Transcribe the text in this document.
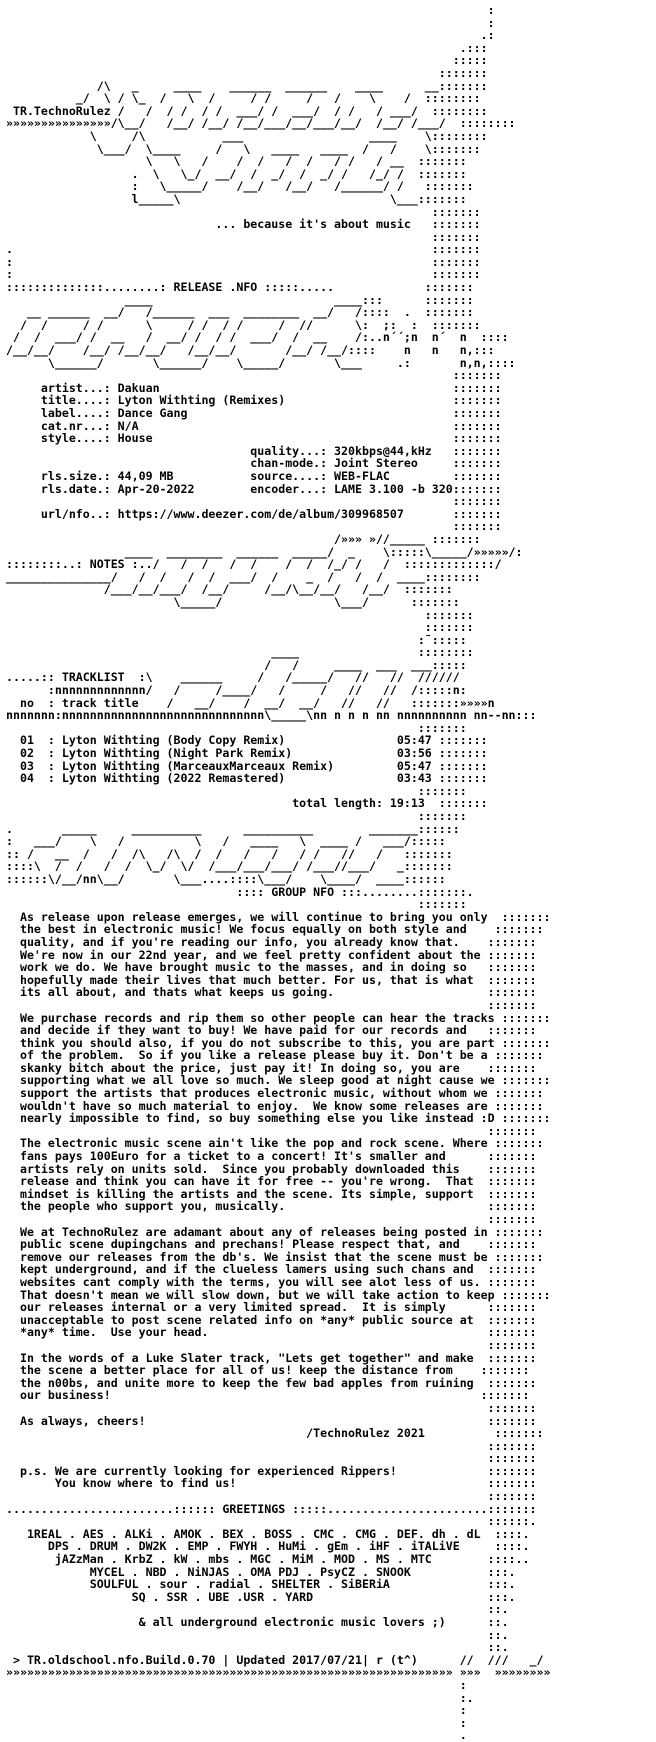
:
:
.:
.:::
:::::
:::::::
/\   _     ____    ______  ______    ____      __:::::::
_/  \ / \_  /   \  /     / /     /   /    \    /  ::::::::
TR.TechnoRulez /   /  / /  / /  ___/ /  ___/  / /   / ___/  ::::::::
»»»»»»»»»»»»»»»/\__/   /__/ /__/ /__/___/__/___/__/  /__/ /___/  ::::::::
\     /\           ___                  ____    \::::::::
\___/  \____     /   \   ____   ____  /   /    \:::::::
\   \   /    /  /   /  /   / /   / __  :::::::
.  \   \_/  __/  /  _/  /  _/ /   /_/ /  :::::::
:   \_____/    /__/   /__/   /______/ /   :::::::
l_____\                              \___:::::::
:::::::
... because it's about music   :::::::
:::::::
.                                                            :::::::
:                                                            :::::::
:                                                            :::::::
::::::::::::::........: RELEASE .NFO :::::.....             :::::::
____                          ____:::      :::::::
__ ______  __/   /______  ___  ________  __/   /::::  .  :::::::
/  /     / /      \     / /  / /     /  //      \:  ;:  :  :::::::
/  /  ___/ /  __   /  __/ /  / /  ___/  /  __    /:..n´´;n  n´  n  ::::
/__/__/    /__/ /__/__/   /__/__/       /__/ /__/::::    n   n   n,:::
\______/       \______/    \_____/       \___     .:       n,n,::::
:::::::
artist...: Dakuan                                          :::::::
title....: Lyton Withting (Remixes)                        :::::::
label....: Dance Gang                                      :::::::
cat.nr...: N/A                                             :::::::
style....: House                                           :::::::
quality...: 320kbps@44,kHz   :::::::
chan-mode.: Joint Stereo     :::::::
rls.size.: 44,09 MB           source....: WEB-FLAC         :::::::
rls.date.: Apr-20-2022        encoder...: LAME 3.100 -b 320:::::::
:::::::
url/nfo..: https://www.deezer.com/de/album/309968507       :::::::
:::::::
/»»» »//_____ :::::::
____  ________  ______  _____/  _    \:::::\_____/»»»»»/:
::::::::..: NOTES :../   /  /   /  /    /  /  /_/ /   /  :::::::::::::/
_______________/   /  /   /  /  ___/  /    _  /   /  /  ____::::::::
/___/__/___/  /__/     /__/\__/__/   /__/  :::::::
\_____/                \___/      :::::::
:::::::
:::::::
:¯:::::
____                 ::::::::
/   /     ____  ___  ___:::::
.....:: TRACKLIST  :\    ______     /   /_____/   //   //  //////
:nnnnnnnnnnnnn/   /     /____/   /     /   //   //  /:::::n:
no  : track title    /   __/    /  __/  __/   //   //   :::::::»»»»n
nnnnnnn:nnnnnnnnnnnnnnnnnnnnnnnnnnnnn\_____\nn n n n nn nnnnnnnnnn nn--nn:::
:::::::
01  : Lyton Withting (Body Copy Remix)                05:47 :::::::
02  : Lyton Withting (Night Park Remix)               03:56 :::::::
03  : Lyton Withting (MarceauxMarceaux Remix)         05:47 :::::::
04  : Lyton Withting (2022 Remastered)                03:43 :::::::
:::::::
total length: 19:13  :::::::
:::::::
.       _____     __________      __________        _______::::::
:   ___/    \   /          \   /   ____   \  ____ /   ___/:::::
:: /   __  /   /  /\   /\  /  /   /   /   / /   //   /   :::::::
::::\  /  /   /  /  \_/  \/  /___/___/___/ /___//___/   _:::::::
::::::\/__/nn\__/       \___....::::\___/    \____/  ____::::::
:::: GROUP NFO :::........:::::::.
:::::::
As release upon release emerges, we will continue to bring you only  :::::::
the best in electronic music! We focus equally on both style and    :::::::
quality, and if you're reading our info, you already know that.    :::::::
We're now in our 22nd year, and we feel pretty confident about the :::::::
work we do. We have brought music to the masses, and in doing so   :::::::
hopefully made their lives that much better. For us, that is what  :::::::
its all about, and thats what keeps us going.                      :::::::
:::::::
We purchase records and rip them so other people can hear the tracks :::::::
and decide if they want to buy! We have paid for our records and   :::::::
think you should also, if you do not subscribe to this, you are part :::::::
of the problem.  So if you like a release please buy it. Don't be a :::::::
skanky bitch about the price, just pay it! In doing so, you are    :::::::
supporting what we all love so much. We sleep good at night cause we :::::::
support the artists that produces electronic music, without whom we :::::::
wouldn't have so much material to enjoy.  We know some releases are :::::::
nearly impossible to find, so buy something else you like instead :D :::::::
:::::::
The electronic music scene ain't like the pop and rock scene. Where :::::::
fans pays 100Euro for a ticket to a concert! It's smaller and      :::::::
artists rely on units sold.  Since you probably downloaded this    :::::::
release and think you can have it for free -- you're wrong.  That  :::::::
mindset is killing the artists and the scene. Its simple, support  :::::::
the people who support you, musically.                             :::::::
:::::::
We at TechnoRulez are adamant about any of releases being posted in :::::::
public scene dupingchans and prechans! Please respect that, and    :::::::
remove our releases from the db's. We insist that the scene must be :::::::
kept underground, and if the clueless lamers using such chans and  :::::::
websites cant comply with the terms, you will see alot less of us. :::::::
That doesn't mean we will slow down, but we will take action to keep :::::::
our releases internal or a very limited spread.  It is simply      :::::::
unacceptable to post scene related info on *any* public source at  :::::::
*any* time.  Use your head.                                        :::::::
:::::::
In the words of a Luke Slater track, "Lets get together" and make  :::::::
the scene a better place for all of us! keep the distance from    :::::::
the n00bs, and unite more to keep the few bad apples from ruining  :::::::
our business!                                                     :::::::
:::::::
As always, cheers!                                                 :::::::
/TechnoRulez 2021          :::::::
:::::::
:::::::
p.s. We are currently looking for experienced Rippers!             :::::::
You know where to find us!                                    :::::::
:::::::
........................:::::: GREETINGS :::::.......................:::::::
::::::.
1REAL . AES . ALKi . AMOK . BEX . BOSS . CMC . CMG . DEF. dh . dL  ::::.
DPS . DRUM . DW2K . EMP . FWYH . HuMi . gEm . iHF . iTALiVE     ::::.
jAZzMan . KrbZ . kW . mbs . MGC . MiM . MOD . MS . MTC        ::::..
MYCEL . NBD . NiNJAS . OMA PDJ . PsyCZ . SNOOK           :::.
SOULFUL . sour . radial . SHELTER . SiBERiA              :::.
SQ . SSR . UBE .USR . YARD                         :::.
::.
& all underground electronic music lovers ;)      ::.
::.
::.
> TR.oldschool.nfo.Build.0.70 | Updated 2017/07/21| r (t^)      //  ///   _/
»»»»»»»»»»»»»»»»»»»»»»»»»»»»»»»»»»»»»»»»»»»»»»»»»»»»»»»»»»»»»»»» »»»  »»»»»»»»
:
:.
:
:
.
